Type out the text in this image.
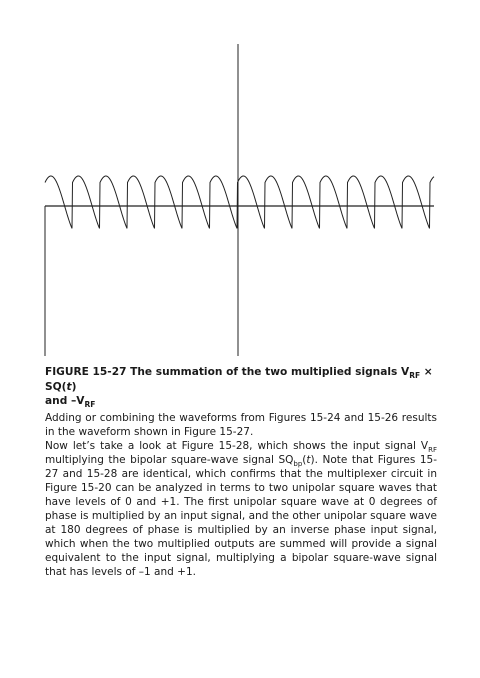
FIGURE 15-27 The summation of the two multiplied signals $V_{RF} \times SQ(t)$
and $-V_{RF}$

Adding or combining the waveforms from Figures 15-24 and 15-26 results in the waveform shown in Figure 15-27.

Now let’s take a look at Figure 15-28, which shows the input signal $V_{RF}$ multiplying the bipolar square-wave signal $SQ_{bp}(t)$. Note that Figures 15-27 and 15-28 are identical, which confirms that the multiplexer circuit in Figure 15-20 can be analyzed in terms to two unipolar square waves that have levels of 0 and +1. The first unipolar square wave at 0 degrees of phase is multiplied by an input signal, and the other unipolar square wave at 180 degrees of phase is multiplied by an inverse phase input signal, which when the two multiplied outputs are summed will provide a signal equivalent to the input signal, multiplying a bipolar square-wave signal that has levels of –1 and +1.
